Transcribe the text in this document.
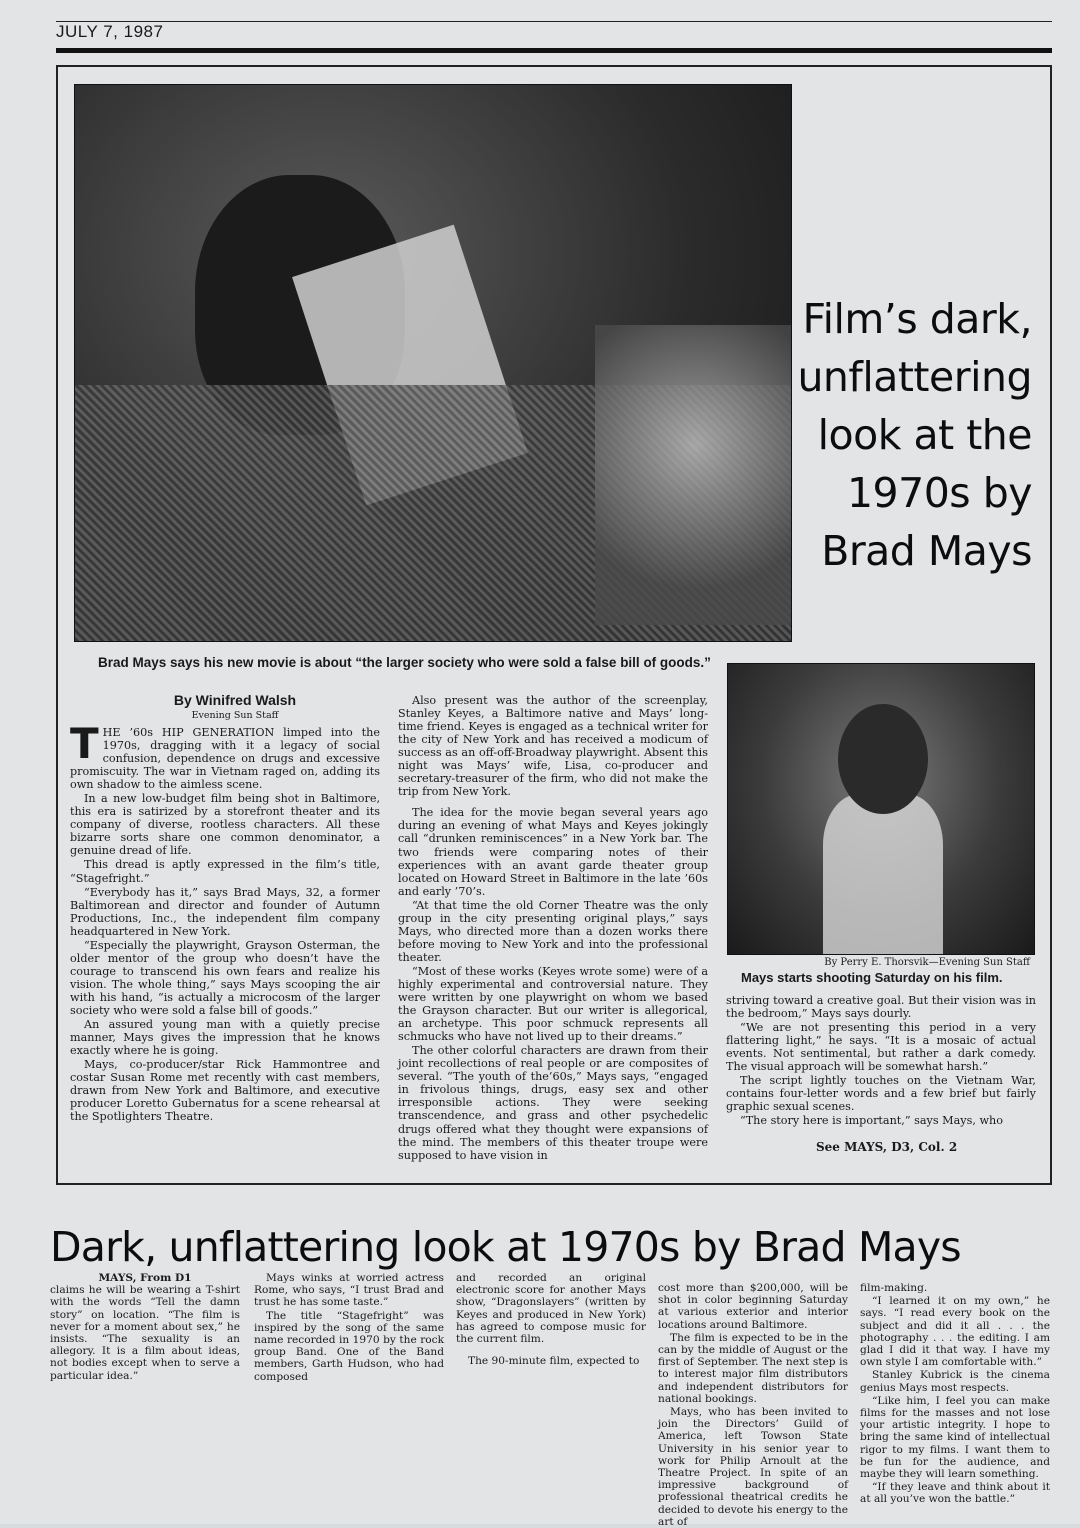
JULY 7, 1987
Film’s dark,
unflattering
look at the
1970s by
Brad Mays
Brad Mays says his new movie is about “the larger society who were sold a false bill of goods.”
By Perry E. Thorsvik—Evening Sun Staff
Mays starts shooting Saturday on his film.
By Winifred Walsh
Evening Sun Staff

THE ’60s HIP GENERATION limped into the 1970s, dragging with it a legacy of social confusion, dependence on drugs and excessive promiscuity. The war in Vietnam raged on, adding its own shadow to the aimless scene.

In a new low-budget film being shot in Baltimore, this era is satirized by a storefront theater and its company of diverse, rootless characters. All these bizarre sorts share one common denominator, a genuine dread of life.

This dread is aptly expressed in the film’s title, “Stagefright.”

“Everybody has it,” says Brad Mays, 32, a former Baltimorean and director and founder of Autumn Productions, Inc., the independent film company headquartered in New York.

“Especially the playwright, Grayson Osterman, the older mentor of the group who doesn’t have the courage to transcend his own fears and realize his vision. The whole thing,” says Mays scooping the air with his hand, “is actually a microcosm of the larger society who were sold a false bill of goods.”

An assured young man with a quietly precise manner, Mays gives the impression that he knows exactly where he is going.

Mays, co-producer/star Rick Hammontree and costar Susan Rome met recently with cast members, drawn from New York and Baltimore, and executive producer Loretto Gubernatus for a scene rehearsal at the Spotlighters Theatre.

Also present was the author of the screenplay, Stanley Keyes, a Baltimore native and Mays’ long-time friend. Keyes is engaged as a technical writer for the city of New York and has received a modicum of success as an off-off-Broadway playwright. Absent this night was Mays’ wife, Lisa, co-producer and secretary-treasurer of the firm, who did not make the trip from New York.

The idea for the movie began several years ago during an evening of what Mays and Keyes jokingly call “drunken reminiscences” in a New York bar. The two friends were comparing notes of their experiences with an avant garde theater group located on Howard Street in Baltimore in the late ’60s and early ’70’s.

“At that time the old Corner Theatre was the only group in the city presenting original plays,” says Mays, who directed more than a dozen works there before moving to New York and into the professional theater.

“Most of these works (Keyes wrote some) were of a highly experimental and controversial nature. They were written by one playwright on whom we based the Grayson character. But our writer is allegorical, an archetype. This poor schmuck represents all schmucks who have not lived up to their dreams.”

The other colorful characters are drawn from their joint recollections of real people or are composites of several. “The youth of the’60s,” Mays says, “engaged in frivolous things, drugs, easy sex and other irresponsible actions. They were seeking transcendence, and grass and other psychedelic drugs offered what they thought were expansions of the mind. The members of this theater troupe were supposed to have vision in

striving toward a creative goal. But their vision was in the bedroom,” Mays says dourly.

“We are not presenting this period in a very flattering light,” he says. “It is a mosaic of actual events. Not sentimental, but rather a dark comedy. The visual approach will be somewhat harsh.”

The script lightly touches on the Vietnam War, contains four-letter words and a few brief but fairly graphic sexual scenes.

“The story here is important,” says Mays, who

See MAYS, D3, Col. 2
Dark, unflattering look at 1970s by Brad Mays
MAYS, From D1

claims he will be wearing a T-shirt with the words “Tell the damn story” on location. “The film is never for a moment about sex,” he insists. “The sexuality is an allegory. It is a film about ideas, not bodies except when to serve a particular idea.”

Mays winks at worried actress Rome, who says, “I trust Brad and trust he has some taste.”

The title “Stagefright” was inspired by the song of the same name recorded in 1970 by the rock group Band. One of the Band members, Garth Hudson, who had composed

and recorded an original electronic score for another Mays show, “Dragonslayers” (written by Keyes and produced in New York) has agreed to compose music for the current film.

The 90-minute film, expected to

cost more than $200,000, will be shot in color beginning Saturday at various exterior and interior locations around Baltimore.

The film is expected to be in the can by the middle of August or the first of September. The next step is to interest major film distributors and independent distributors for national bookings.

Mays, who has been invited to join the Directors’ Guild of America, left Towson State University in his senior year to work for Philip Arnoult at the Theatre Project. In spite of an impressive background of professional theatrical credits he decided to devote his energy to the art of

film-making.

“I learned it on my own,” he says. “I read every book on the subject and did it all . . . the photography . . . the editing. I am glad I did it that way. I have my own style I am comfortable with.”

Stanley Kubrick is the cinema genius Mays most respects.

“Like him, I feel you can make films for the masses and not lose your artistic integrity. I hope to bring the same kind of intellectual rigor to my films. I want them to be fun for the audience, and maybe they will learn something.

“If they leave and think about it at all you’ve won the battle.”
